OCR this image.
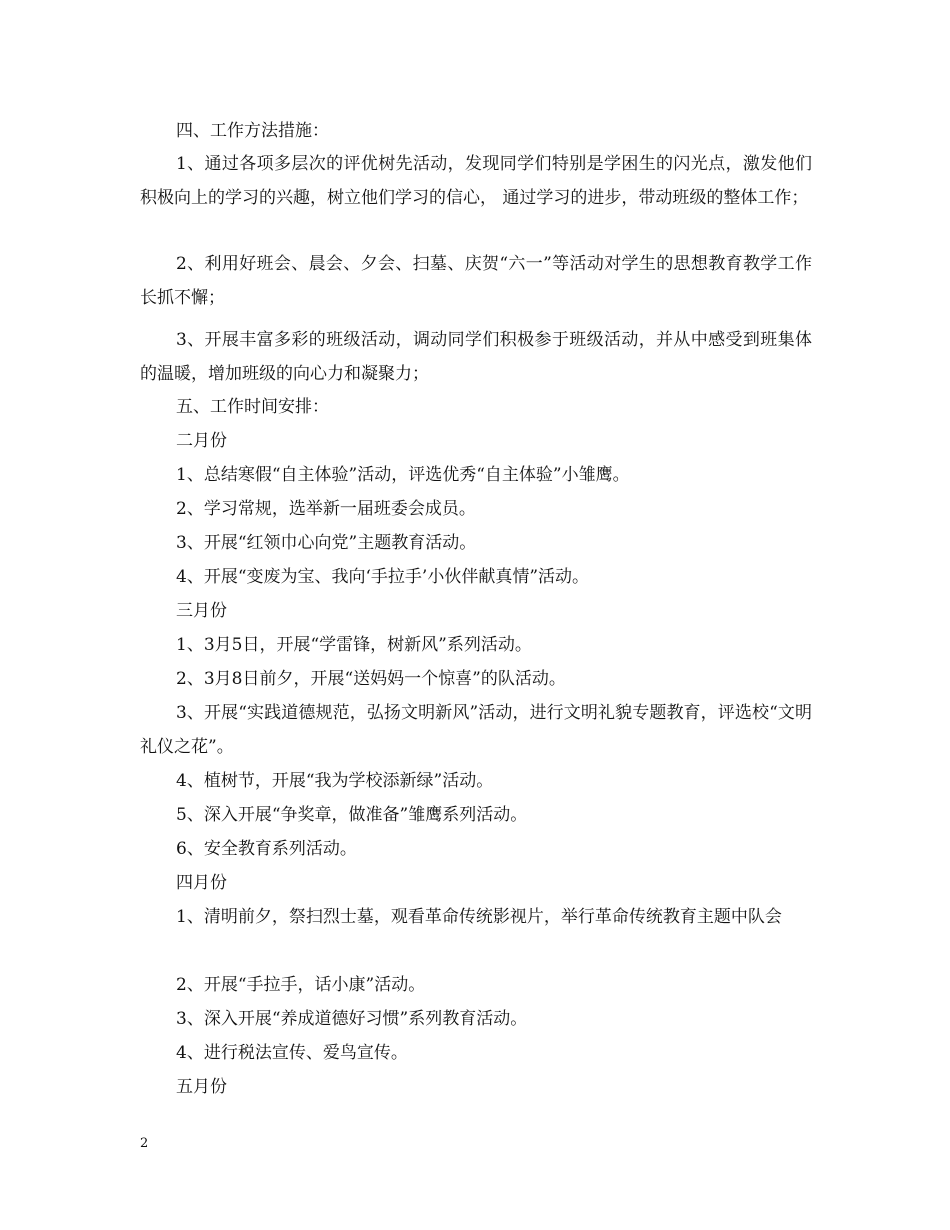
四、工作方法措施：

1、通过各项多层次的评优树先活动，发现同学们特别是学困生的闪光点，激发他们积极向上的学习的兴趣，树立他们学习的信心， 通过学习的进步，带动班级的整体工作；

2、利用好班会、晨会、夕会、扫墓、庆贺“六一”等活动对学生的思想教育教学工作长抓不懈；

3、开展丰富多彩的班级活动，调动同学们积极参于班级活动，并从中感受到班集体的温暖，增加班级的向心力和凝聚力；

五、工作时间安排：

二月份

1、总结寒假“自主体验”活动，评选优秀“自主体验”小雏鹰。

2、学习常规，选举新一届班委会成员。

3、开展“红领巾心向党”主题教育活动。

4、开展“变废为宝、我向‘手拉手’小伙伴献真情”活动。

三月份

1、3月5日，开展“学雷锋，树新风”系列活动。

2、3月8日前夕，开展“送妈妈一个惊喜”的队活动。

3、开展“实践道德规范，弘扬文明新风”活动，进行文明礼貌专题教育，评选校“文明礼仪之花”。

4、植树节，开展“我为学校添新绿”活动。

5、深入开展“争奖章，做准备”雏鹰系列活动。

6、安全教育系列活动。

四月份

1、清明前夕，祭扫烈士墓，观看革命传统影视片，举行革命传统教育主题中队会

2、开展“手拉手，话小康”活动。

3、深入开展“养成道德好习惯”系列教育活动。

4、进行税法宣传、爱鸟宣传。

五月份

2
